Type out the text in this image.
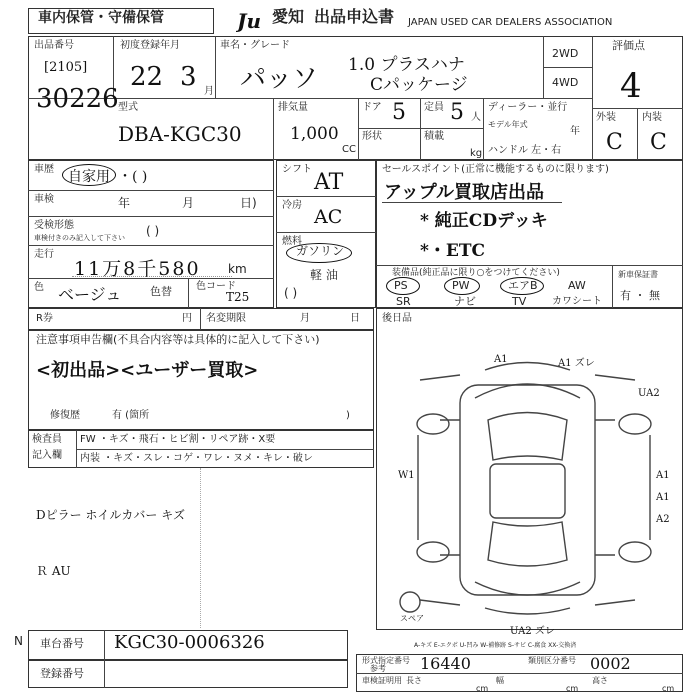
車内保管・守備保管	Ju 愛知 出品申込書 JAPAN USED CAR DEALERS ASSOCIATION
出品番号
[2105]
30226
初度登録年月
22 3 月
車名・グレード
パッソ 1.0 プラスハナ
Cパッケージ
2WD
4WD
評価点
4
外装	内装
C C
型式
DBA-KGC30
排気量
1,000
CC
ドア 5
形状
定員 5 人
積載
kg
ディーラー・並行
モデル年式
年
ハンドル 左・右
車歴 自家用 ・( )
車検	年	月	日)
受検形態
車検付きのみ記入して下さい ( )
走行
11万8千580 km
色 ベージュ	色替 色コード
T25
シフト
AT
冷房
AC
燃料
ガソリン
軽 油
( )
セールスポイント(正常に機能するものに限ります)
アップル買取店出品
* 純正CDデッキ
*・ETC
装備品(純正品に限り○をつけてください)
PS	PW	エアB	AW
SR	ナビ	TV	カワシート
新車保証書
有 ・ 無
R券	円 名変期限	月	日
注意事項申告欄(不具合内容等は具体的に記入して下さい)
<初出品><ユーザー買取>
修復歴	有 (箇所	)
検査員
記入欄
FW ・キズ・飛石・ヒビ割・リペア跡・X要
内装 ・キズ・スレ・コゲ・ワレ・ヌメ・キレ・破レ
Dピラー ホイルカバー キズ
Ｒ AU
後日品
A1	A1 ズレ
UA2
W1	A1
A1
A2
UA2 ズレ
スペア
A-キズ E-エクボ U-凹み W-補修跡 S-サビ C-腐食 XX-交換済
N 車台番号 KGC30-0006326
登録番号
形式指定番号
参考 16440	類別区分番号 0002
車検証明用 長さ
cm
幅
cm
高さ
cm
